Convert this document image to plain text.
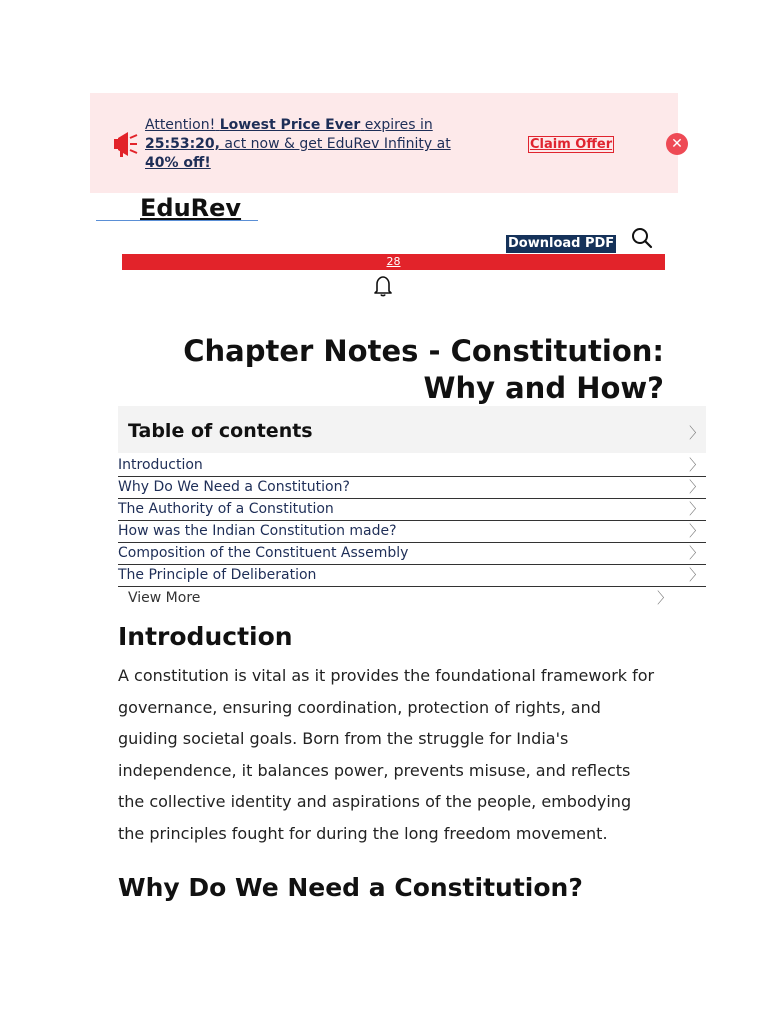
Attention! Lowest Price Ever expires in 25:53:20, act now & get EduRev Infinity at 40% off!
Claim Offer	✕
EduRev
Download PDF
28
Chapter Notes - Constitution: Why and How?
Table of contents	〉
Introduction	〉
Why Do We Need a Constitution?	〉
The Authority of a Constitution	〉
How was the Indian Constitution made?	〉
Composition of the Constituent Assembly	〉
The Principle of Deliberation	〉
View More	〉
Introduction
A constitution is vital as it provides the foundational framework for governance, ensuring coordination, protection of rights, and guiding societal goals. Born from the struggle for India's independence, it balances power, prevents misuse, and reflects the collective identity and aspirations of the people, embodying the principles fought for during the long freedom movement.
Why Do We Need a Constitution?
